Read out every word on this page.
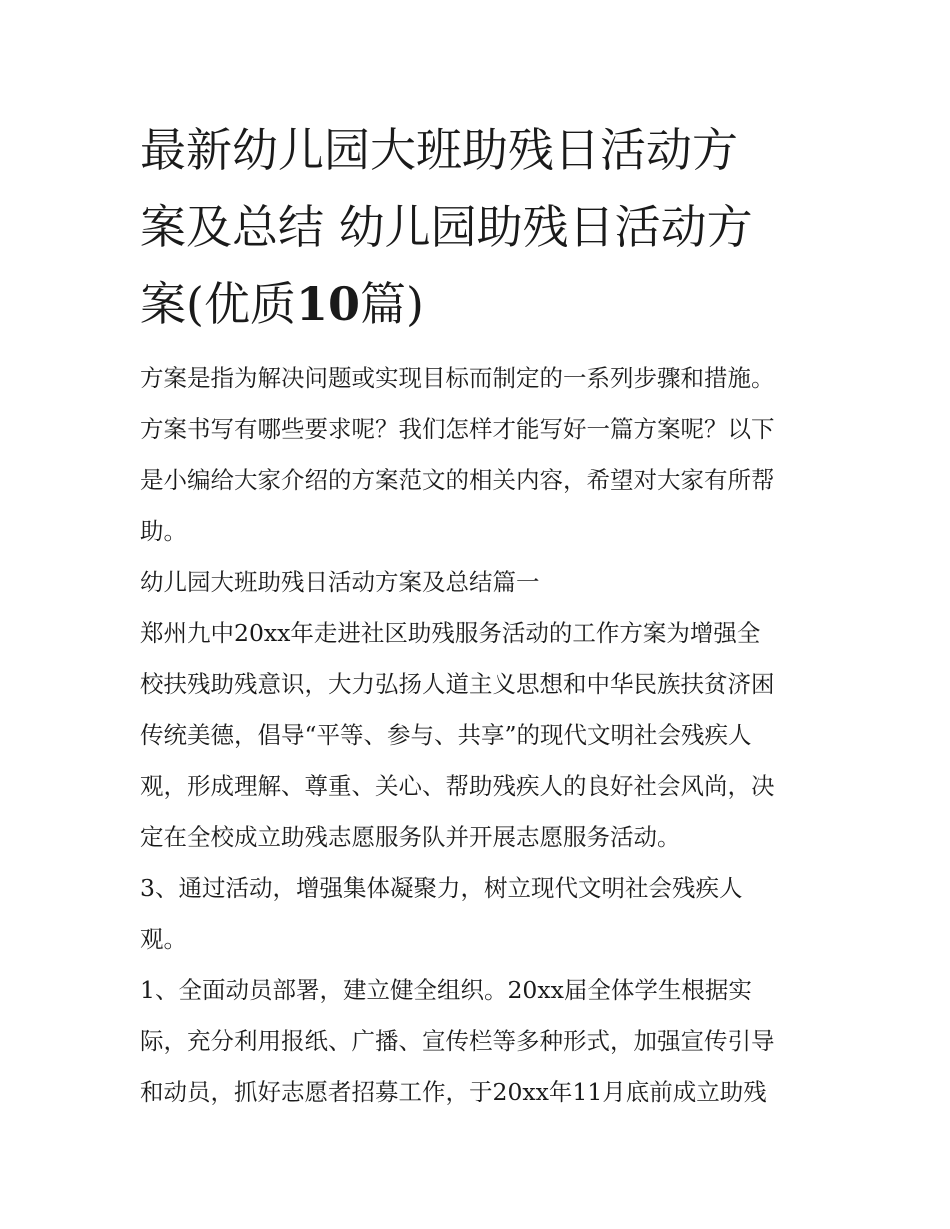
最新幼儿园大班助残日活动方
案及总结 幼儿园助残日活动方
案(优质10篇)
方案是指为解决问题或实现目标而制定的一系列步骤和措施。
方案书写有哪些要求呢？我们怎样才能写好一篇方案呢？以下
是小编给大家介绍的方案范文的相关内容，希望对大家有所帮
助。
幼儿园大班助残日活动方案及总结篇一
郑州九中20xx年走进社区助残服务活动的工作方案为增强全
校扶残助残意识，大力弘扬人道主义思想和中华民族扶贫济困
传统美德，倡导“平等、参与、共享”的现代文明社会残疾人
观，形成理解、尊重、关心、帮助残疾人的良好社会风尚，决
定在全校成立助残志愿服务队并开展志愿服务活动。
3、通过活动，增强集体凝聚力，树立现代文明社会残疾人
观。
1、全面动员部署，建立健全组织。20xx届全体学生根据实
际，充分利用报纸、广播、宣传栏等多种形式，加强宣传引导
和动员，抓好志愿者招募工作，于20xx年11月底前成立助残
